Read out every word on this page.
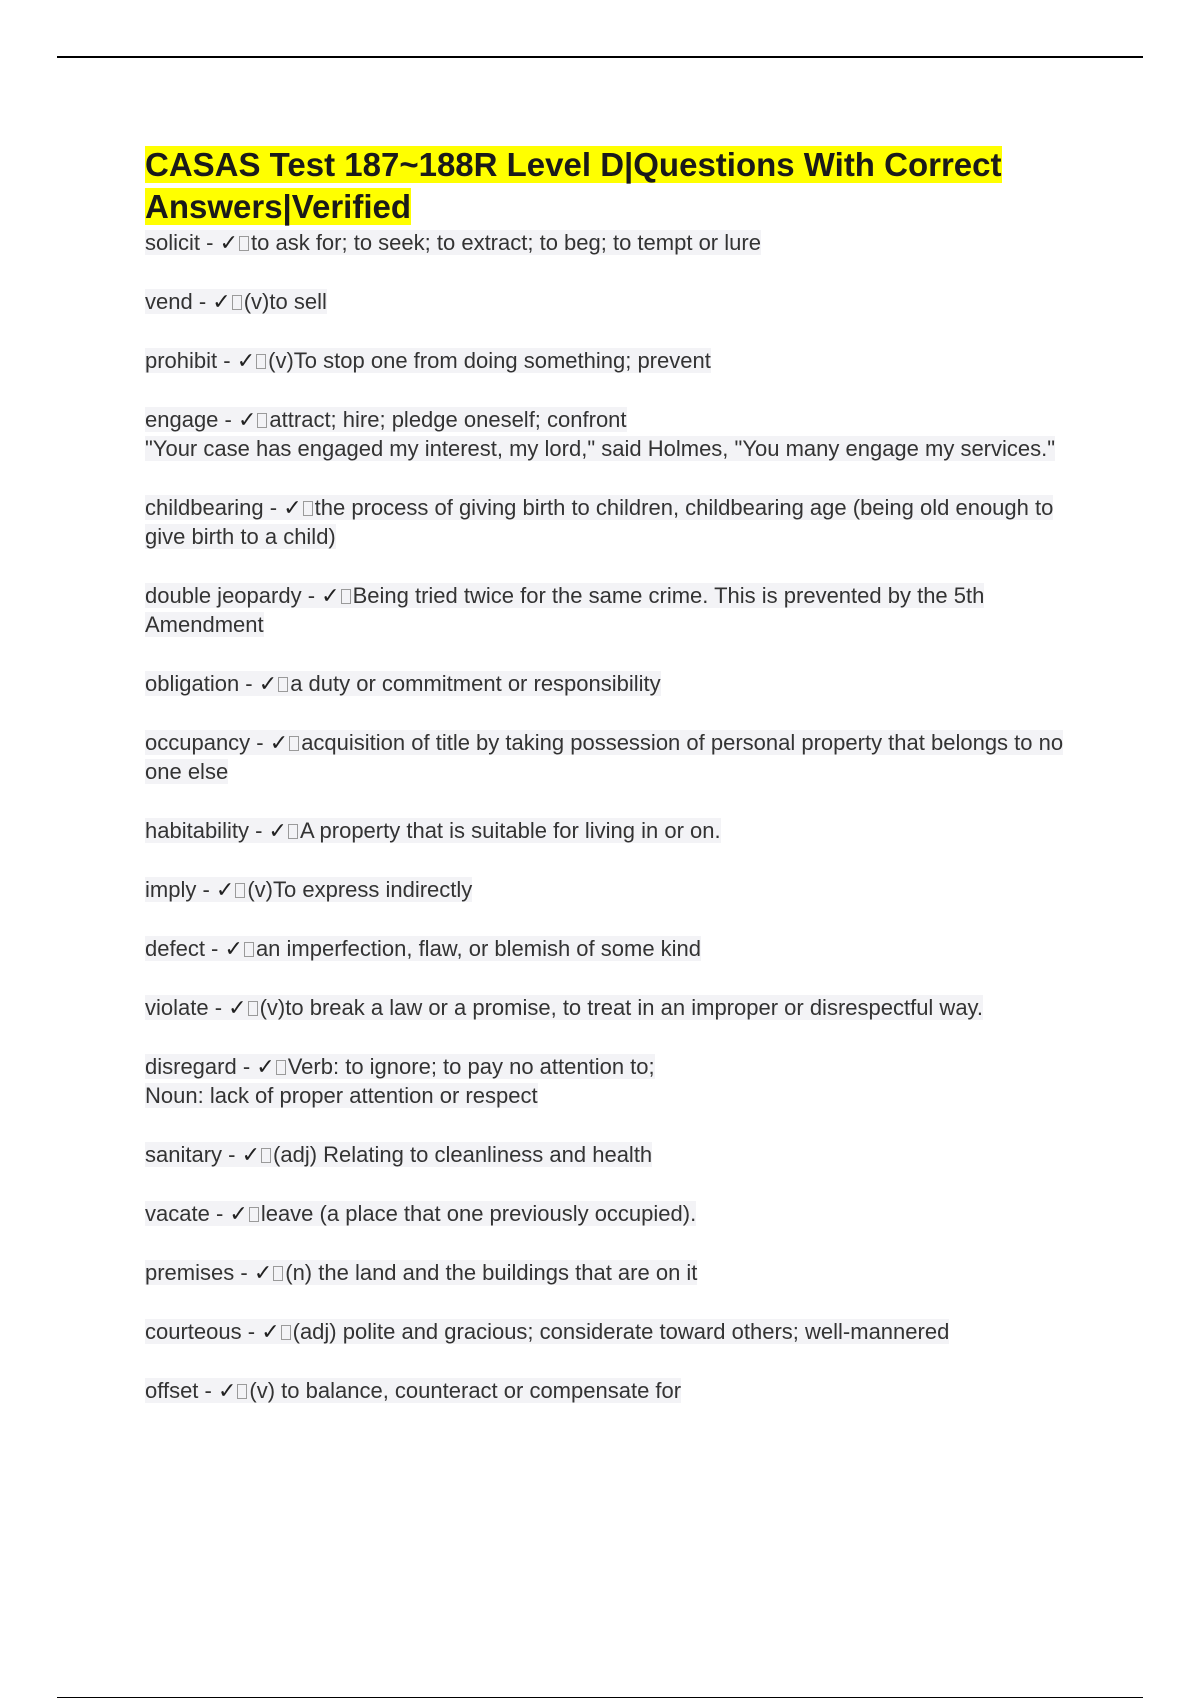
CASAS Test 187~188R Level D|Questions With Correct Answers|Verified
solicit - ✓ to ask for; to seek; to extract; to beg; to tempt or lure
vend - ✓ (v)to sell
prohibit - ✓ (v)To stop one from doing something; prevent
engage - ✓ attract; hire; pledge oneself; confront
"Your case has engaged my interest, my lord," said Holmes, "You many engage my services."
childbearing - ✓ the process of giving birth to children, childbearing age (being old enough to give birth to a child)
double jeopardy - ✓ Being tried twice for the same crime. This is prevented by the 5th Amendment
obligation - ✓ a duty or commitment or responsibility
occupancy - ✓ acquisition of title by taking possession of personal property that belongs to no one else
habitability - ✓ A property that is suitable for living in or on.
imply - ✓ (v)To express indirectly
defect - ✓ an imperfection, flaw, or blemish of some kind
violate - ✓ (v)to break a law or a promise, to treat in an improper or disrespectful way.
disregard - ✓ Verb: to ignore; to pay no attention to;
Noun: lack of proper attention or respect
sanitary - ✓ (adj) Relating to cleanliness and health
vacate - ✓ leave (a place that one previously occupied).
premises - ✓ (n) the land and the buildings that are on it
courteous - ✓ (adj) polite and gracious; considerate toward others; well-mannered
offset - ✓ (v) to balance, counteract or compensate for
